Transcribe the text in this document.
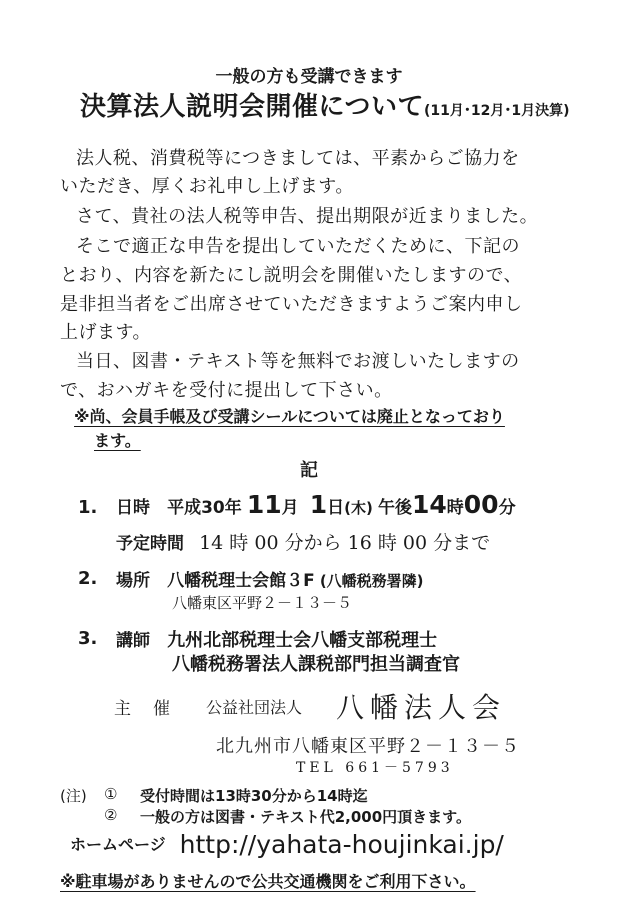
一般の方も受講できます
決算法人説明会開催について(11月･12月･1月決算)
法人税、消費税等につきましては、平素からご協力を
いただき、厚くお礼申し上げます。
さて、貴社の法人税等申告、提出期限が近まりました。
そこで適正な申告を提出していただくために、下記の
とおり、内容を新たにし説明会を開催いたしますので、
是非担当者をご出席させていただきますようご案内申し
上げます。
当日、図書・テキスト等を無料でお渡しいたしますの
で、おハガキを受付に提出して下さい。
※尚、会員手帳及び受講シールについては廃止となっており
ます。
記
1. 日時 平成30年 11月 1日(木) 午後14時00分
予定時間 14 時 00 分から 16 時 00 分まで
2. 場所 八幡税理士会館３F (八幡税務署隣)
八幡東区平野２－１３－５
3. 講師 九州北部税理士会八幡支部税理士
八幡税務署法人課税部門担当調査官
主催 公益社団法人 八幡法人会
北九州市八幡東区平野２－１３－５
TEL 661－5793
(注) ① 受付時間は13時30分から14時迄
② 一般の方は図書・テキスト代2,000円頂きます。
ホームページ http://yahata-houjinkai.jp/
※駐車場がありませんので公共交通機関をご利用下さい。
